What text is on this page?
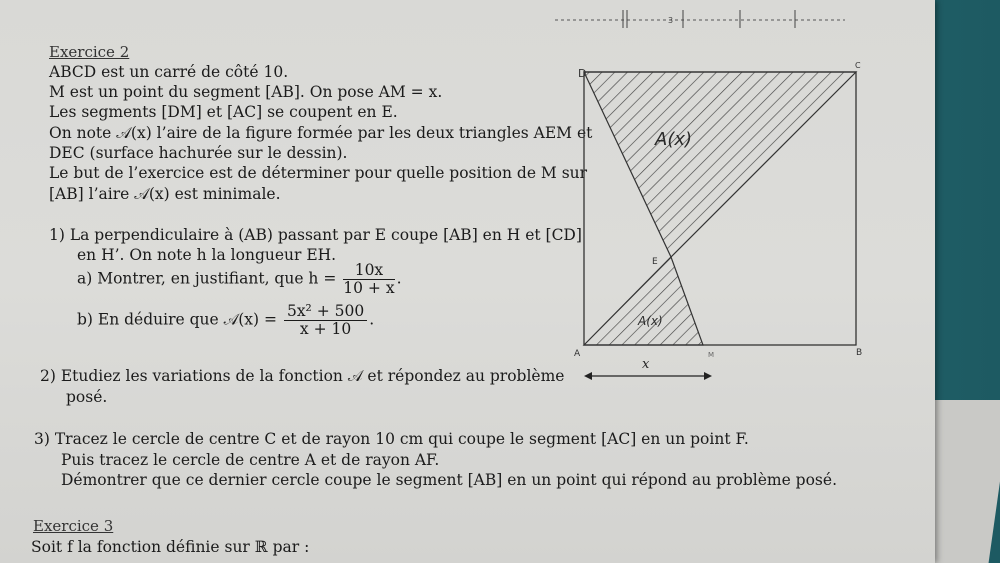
3
Exercice 2
ABCD est un carré de côté 10.
M est un point du segment [AB]. On pose AM = x.
Les segments [DM] et [AC] se coupent en E.
On note 𝒜(x) l’aire de la figure formée par les deux triangles AEM et
DEC (surface hachurée sur le dessin).
Le but de l’exercice est de déterminer pour quelle position de M sur
[AB] l’aire 𝒜(x) est minimale.
1) La perpendiculaire à (AB) passant par E coupe [AB] en H et [CD]
en H’. On note h la longueur EH.
a) Montrer, en justifiant, que $h = \frac{10x}{10 + x}$ .
b) En déduire que 𝒜(x) = $\frac{\text{5x² + 500}}{x + 10}$ .
2) Etudiez les variations de la fonction 𝒜 et répondez au problème
posé.
3) Tracez le cercle de centre C et de rayon 10 cm qui coupe le segment [AC] en un point F.
Puis tracez le cercle de centre A et de rayon AF.
Démontrer que ce dernier cercle coupe le segment [AB] en un point qui répond au problème posé.
Exercice 3
Soit f la fonction définie sur ℝ par :
D
C
A	B
E
M
A(x)
A(x)
x
